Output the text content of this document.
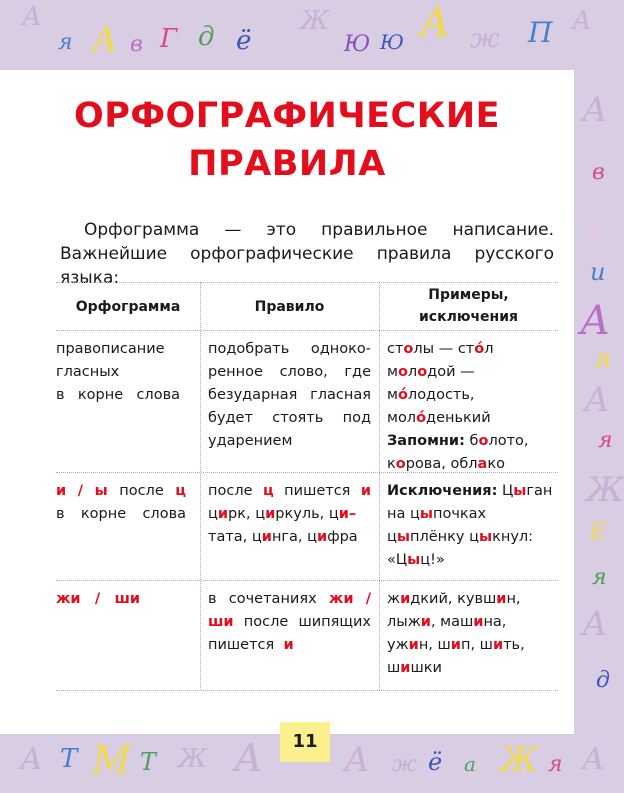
А
я А в Г д ё
Ж
Ю Ю А ж П А
А
в
х
и
А
я
А
я
Ж
Е
я
А
д
А Т М Т Ж А А ж ё а Ж я А
ОРФОГРАФИЧЕСКИЕ
ПРАВИЛА

Орфограмма — это правильное написание. Важнейшие орфографические правила русского языка:

Орфограмма	Правило
Примеры,
исключения
правописание
гласных
в корне слова
подобрать одноко-
ренное слово, где
безударная гласная
будет стоять под
ударением
столы — сто́л
молодой —
мо́лодость,
моло́денький
Запомни: болото,
корова, облако
и / ы после ц
в корне слова
после ц пишется и
цирк, циркуль, ци–
тата, цинга, цифра
Исключения: Цыган
на цыпочках
цыплёнку цыкнул:
«Цыц!»
жи / ши	в сочетаниях жи /
ши после шипящих
пишется и
жидкий, кувшин,
лыжи, машина,
ужин, шип, шить,
шишки
11
